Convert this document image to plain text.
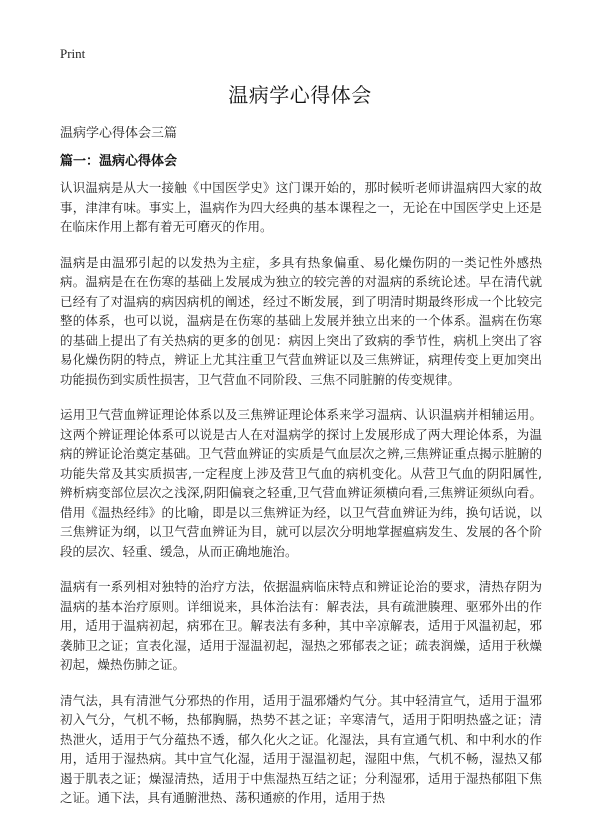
Print
温病学心得体会
温病学心得体会三篇
篇一：温病心得体会

认识温病是从大一接触《中国医学史》这门课开始的，那时候听老师讲温病四大家的故事，津津有味。事实上，温病作为四大经典的基本课程之一，无论在中国医学史上还是在临床作用上都有着无可磨灭的作用。

温病是由温邪引起的以发热为主症，多具有热象偏重、易化燥伤阴的一类记性外感热病。温病是在在伤寒的基础上发展成为独立的较完善的对温病的系统论述。早在清代就已经有了对温病的病因病机的阐述，经过不断发展，到了明清时期最终形成一个比较完整的体系，也可以说，温病是在伤寒的基础上发展并独立出来的一个体系。温病在伤寒的基础上提出了有关热病的更多的创见：病因上突出了致病的季节性，病机上突出了容易化燥伤阴的特点，辨证上尤其注重卫气营血辨证以及三焦辨证，病理传变上更加突出功能损伤到实质性损害，卫气营血不同阶段、三焦不同脏腑的传变规律。

运用卫气营血辨证理论体系以及三焦辨证理论体系来学习温病、认识温病并相辅运用。这两个辨证理论体系可以说是古人在对温病学的探讨上发展形成了两大理论体系，为温病的辨证论治奠定基础。卫气营血辨证的实质是气血层次之辨,三焦辨证重点揭示脏腑的功能失常及其实质损害,一定程度上涉及营卫气血的病机变化。从营卫气血的阴阳属性,辨析病变部位层次之浅深,阴阳偏衰之轻重,卫气营血辨证须横向看,三焦辨证须纵向看。借用《温热经纬》的比喻，即是以三焦辨证为经，以卫气营血辨证为纬，换句话说，以三焦辨证为纲，以卫气营血辨证为目，就可以层次分明地掌握瘟病发生、发展的各个阶段的层次、轻重、缓急，从而正确地施治。

温病有一系列相对独特的治疗方法，依据温病临床特点和辨证论治的要求，清热存阴为温病的基本治疗原则。详细说来，具体治法有：解表法，具有疏泄腠理、驱邪外出的作用，适用于温病初起，病邪在卫。解表法有多种，其中辛凉解表，适用于风温初起，邪袭肺卫之证；宣表化湿，适用于湿温初起，湿热之邪郁表之证；疏表润燥，适用于秋燥初起，燥热伤肺之证。

清气法，具有清泄气分邪热的作用，适用于温邪燔灼气分。其中轻清宣气，适用于温邪初入气分，气机不畅，热郁胸膈，热势不甚之证；辛寒清气，适用于阳明热盛之证；清热泄火，适用于气分蕴热不透，郁久化火之证。化湿法，具有宣通气机、和中利水的作用，适用于湿热病。其中宣气化湿，适用于湿温初起，湿阻中焦，气机不畅，湿热又郁遏于肌表之证；燥湿清热，适用于中焦湿热互结之证；分利湿邪，适用于湿热郁阻下焦之证。通下法，具有通腑泄热、荡积通瘀的作用，适用于热
